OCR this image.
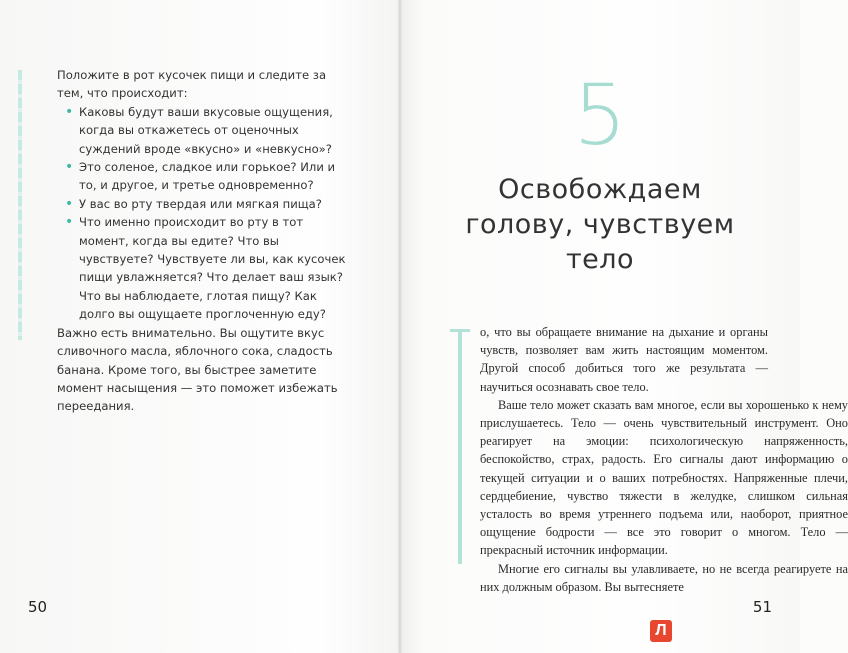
Положите в рот кусочек пищи и следите за тем, что происходит:

• Каковы будут ваши вкусовые ощущения, когда вы откажетесь от оценочных суждений вроде «вкусно» и «невкусно»?
• Это соленое, сладкое или горькое? Или и то, и другое, и третье одновременно?
• У вас во рту твердая или мягкая пища?
• Что именно происходит во рту в тот момент, когда вы едите? Что вы чувствуете? Чувствуете ли вы, как кусочек пищи увлажняется? Что делает ваш язык? Что вы наблюдаете, глотая пищу? Как долго вы ощущаете проглоченную еду?

Важно есть внимательно. Вы ощутите вкус сливочного масла, яблочного сока, сладость банана. Кроме того, вы быстрее заметите момент насыщения — это поможет избежать переедания.

50
5
Освобождаем
голову, чувствуем
тело

о, что вы обращаете внимание на дыхание и органы чувств, позволяет вам жить настоящим моментом. Другой способ добиться того же результата — научиться осознавать свое тело.

Ваше тело может сказать вам многое, если вы хорошенько к нему прислушаетесь. Тело — очень чувствительный инструмент. Оно реагирует на эмоции: психологическую напряженность, беспокойство, страх, радость. Его сигналы дают информацию о текущей ситуации и о ваших потребностях. Напряженные плечи, сердцебиение, чувство тяжести в желудке, слишком сильная усталость во время утреннего подъема или, наоборот, приятное ощущение бодрости — все это говорит о многом. Тело — прекрасный источник информации.

Многие его сигналы вы улавливаете, но не всегда реагируете на них должным образом. Вы вытесняете

51
Л
